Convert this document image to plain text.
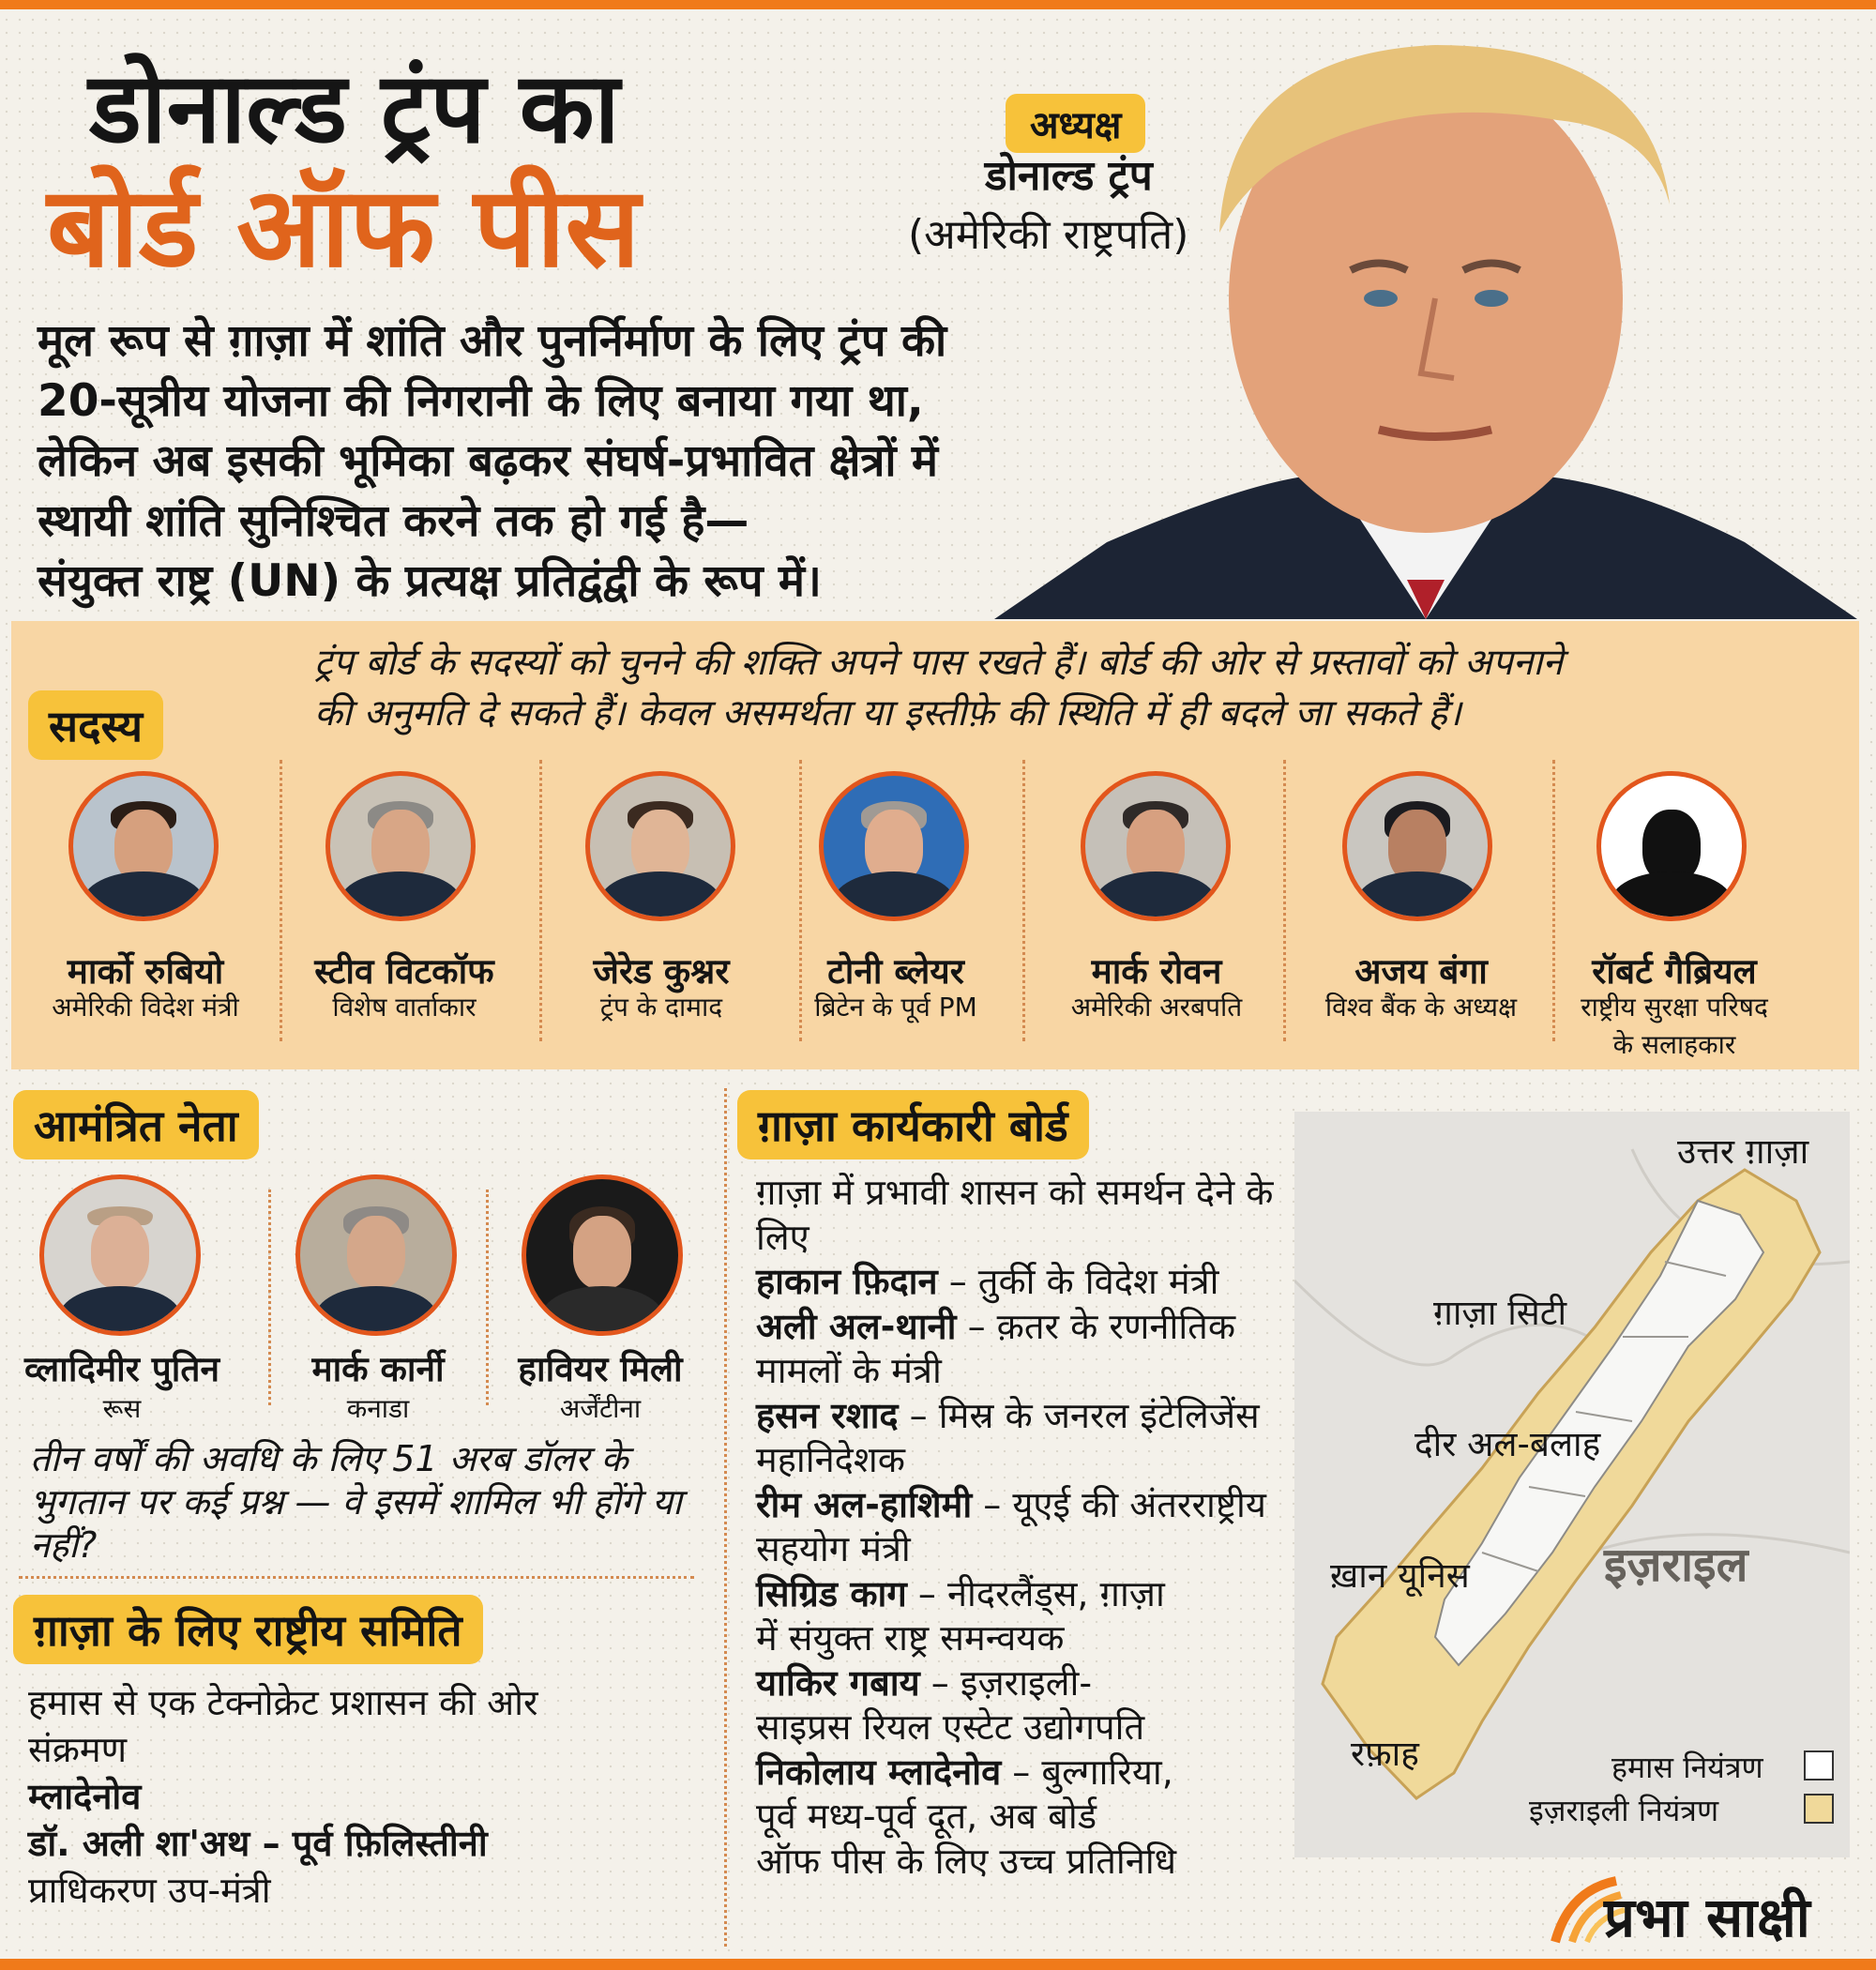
डोनाल्ड ट्रंप का
बोर्ड ऑफ पीस
अध्यक्ष
डोनाल्ड ट्रंप
(अमेरिकी राष्ट्रपति)
मूल रूप से ग़ाज़ा में शांति और पुनर्निर्माण के लिए ट्रंप की
20-सूत्रीय योजना की निगरानी के लिए बनाया गया था,
लेकिन अब इसकी भूमिका बढ़कर संघर्ष-प्रभावित क्षेत्रों में
स्थायी शांति सुनिश्चित करने तक हो गई है—
संयुक्त राष्ट्र (UN) के प्रत्यक्ष प्रतिद्वंद्वी के रूप में।
ट्रंप बोर्ड के सदस्यों को चुनने की शक्ति अपने पास रखते हैं। बोर्ड की ओर से प्रस्तावों को अपनाने
की अनुमति दे सकते हैं। केवल असमर्थता या इस्तीफ़े की स्थिति में ही बदले जा सकते हैं।
सदस्य
मार्को रुबियो
अमेरिकी विदेश मंत्री
स्टीव विटकॉफ
विशेष वार्ताकार
जेरेड कुश्नर
ट्रंप के दामाद
टोनी ब्लेयर
ब्रिटेन के पूर्व PM
मार्क रोवन
अमेरिकी अरबपति
अजय बंगा
विश्व बैंक के अध्यक्ष
रॉबर्ट गैब्रियल
राष्ट्रीय सुरक्षा परिषद
के सलाहकार
आमंत्रित नेता
व्लादिमीर पुतिन
रूस
मार्क कार्नी
कनाडा
हावियर मिली
अर्जेंटीना
तीन वर्षों की अवधि के लिए 51 अरब डॉलर के भुगतान पर कई प्रश्न — वे इसमें शामिल भी होंगे या नहीं?
ग़ाज़ा के लिए राष्ट्रीय समिति
हमास से एक टेक्नोक्रेट प्रशासन की ओर
संक्रमण
म्लादेनोव
डॉ. अली शा'अथ – पूर्व फ़िलिस्तीनी
प्राधिकरण उप-मंत्री
ग़ाज़ा कार्यकारी बोर्ड
ग़ाज़ा में प्रभावी शासन को समर्थन देने के
लिए
हाकान फ़िदान – तुर्की के विदेश मंत्री
अली अल-थानी – क़तर के रणनीतिक
मामलों के मंत्री
हसन रशाद – मिस्र के जनरल इंटेलिजेंस
महानिदेशक
रीम अल-हाशिमी – यूएई की अंतरराष्ट्रीय
सहयोग मंत्री
सिग्रिड काग – नीदरलैंड्स, ग़ाज़ा
में संयुक्त राष्ट्र समन्वयक
याकिर गबाय – इज़राइली-
साइप्रस रियल एस्टेट उद्योगपति
निकोलाय म्लादेनोव – बुल्गारिया,
पूर्व मध्य-पूर्व दूत, अब बोर्ड
ऑफ पीस के लिए उच्च प्रतिनिधि
उत्तर ग़ाज़ा
ग़ाज़ा सिटी
दीर अल-बलाह
ख़ान यूनिस
रफ़ाह
इज़राइल
हमास नियंत्रण
इज़राइली नियंत्रण
प्रभा साक्षी
